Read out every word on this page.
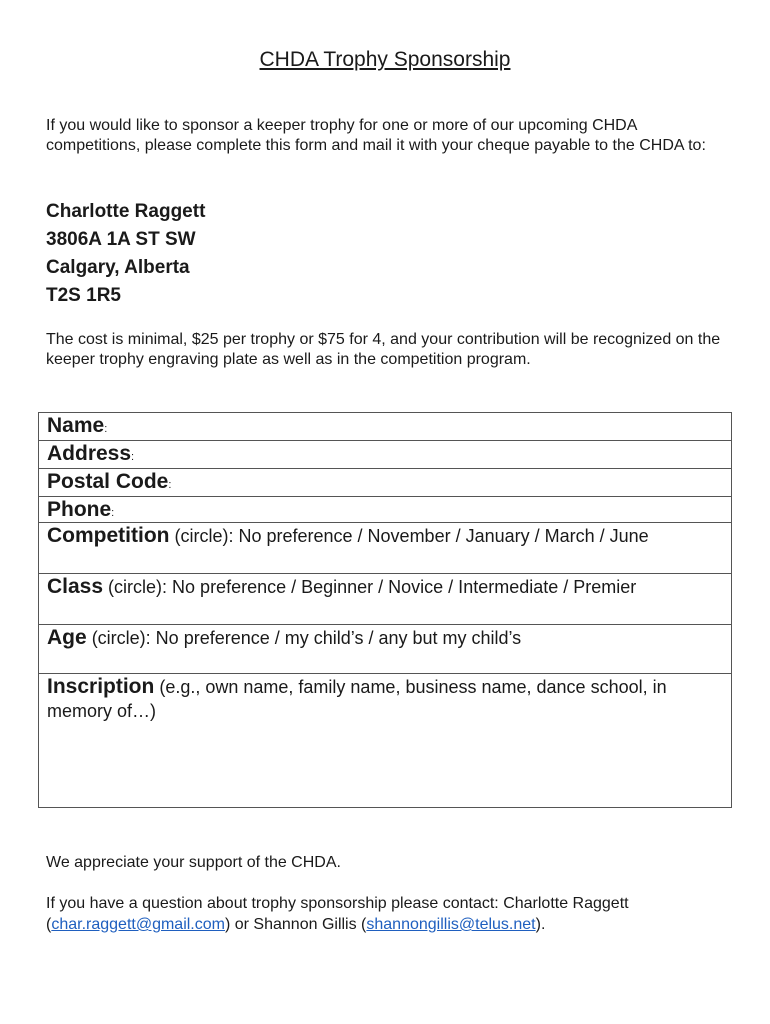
CHDA Trophy Sponsorship
If you would like to sponsor a keeper trophy for one or more of our upcoming CHDA competitions, please complete this form and mail it with your cheque payable to the CHDA to:
Charlotte Raggett
3806A 1A ST SW
Calgary, Alberta
T2S 1R5
The cost is minimal, $25 per trophy or $75 for 4, and your contribution will be recognized on the keeper trophy engraving plate as well as in the competition program.
Name:
Address:
Postal Code:
Phone:
Competition (circle): No preference / November / January / March / June
Class (circle): No preference / Beginner / Novice / Intermediate / Premier
Age (circle): No preference / my child’s / any but my child’s
Inscription (e.g., own name, family name, business name, dance school, in memory of…)
We appreciate your support of the CHDA.
If you have a question about trophy sponsorship please contact: Charlotte Raggett (char.raggett@gmail.com) or Shannon Gillis (shannongillis@telus.net).
